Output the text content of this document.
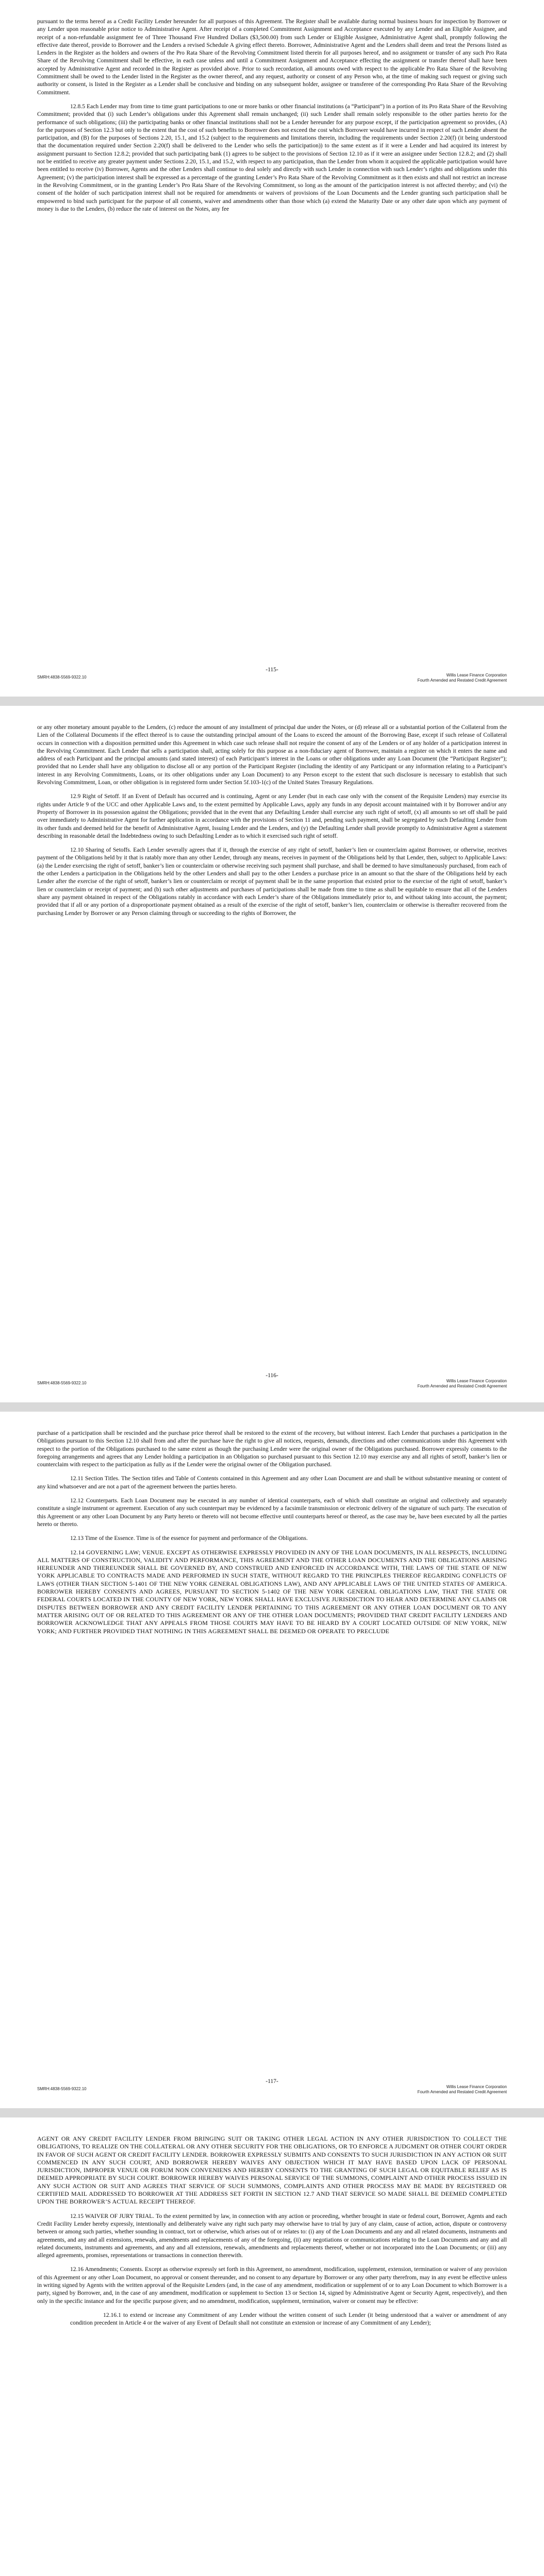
pursuant to the terms hereof as a Credit Facility Lender hereunder for all purposes of this Agreement. The Register shall be available during normal business hours for inspection by Borrower or any Lender upon reasonable prior notice to Administrative Agent. After receipt of a completed Commitment Assignment and Acceptance executed by any Lender and an Eligible Assignee, and receipt of a non-refundable assignment fee of Three Thousand Five Hundred Dollars ($3,500.00) from such Lender or Eligible Assignee, Administrative Agent shall, promptly following the effective date thereof, provide to Borrower and the Lenders a revised Schedule A giving effect thereto. Borrower, Administrative Agent and the Lenders shall deem and treat the Persons listed as Lenders in the Register as the holders and owners of the Pro Rata Share of the Revolving Commitment listed therein for all purposes hereof, and no assignment or transfer of any such Pro Rata Share of the Revolving Commitment shall be effective, in each case unless and until a Commitment Assignment and Acceptance effecting the assignment or transfer thereof shall have been accepted by Administrative Agent and recorded in the Register as provided above. Prior to such recordation, all amounts owed with respect to the applicable Pro Rata Share of the Revolving Commitment shall be owed to the Lender listed in the Register as the owner thereof, and any request, authority or consent of any Person who, at the time of making such request or giving such authority or consent, is listed in the Register as a Lender shall be conclusive and binding on any subsequent holder, assignee or transferee of the corresponding Pro Rata Share of the Revolving Commitment.

12.8.5 Each Lender may from time to time grant participations to one or more banks or other financial institutions (a “Participant”) in a portion of its Pro Rata Share of the Revolving Commitment; provided that (i) such Lender’s obligations under this Agreement shall remain unchanged; (ii) such Lender shall remain solely responsible to the other parties hereto for the performance of such obligations; (iii) the participating banks or other financial institutions shall not be a Lender hereunder for any purpose except, if the participation agreement so provides, (A) for the purposes of Section 12.3 but only to the extent that the cost of such benefits to Borrower does not exceed the cost which Borrower would have incurred in respect of such Lender absent the participation, and (B) for the purposes of Sections 2.20, 15.1, and 15.2 (subject to the requirements and limitations therein, including the requirements under Section 2.20(f) (it being understood that the documentation required under Section 2.20(f) shall be delivered to the Lender who sells the participation)) to the same extent as if it were a Lender and had acquired its interest by assignment pursuant to Section 12.8.2; provided that such participating bank (1) agrees to be subject to the provisions of Section 12.10 as if it were an assignee under Section 12.8.2; and (2) shall not be entitled to receive any greater payment under Sections 2.20, 15.1, and 15.2, with respect to any participation, than the Lender from whom it acquired the applicable participation would have been entitled to receive (iv) Borrower, Agents and the other Lenders shall continue to deal solely and directly with such Lender in connection with such Lender’s rights and obligations under this Agreement; (v) the participation interest shall be expressed as a percentage of the granting Lender’s Pro Rata Share of the Revolving Commitment as it then exists and shall not restrict an increase in the Revolving Commitment, or in the granting Lender’s Pro Rata Share of the Revolving Commitment, so long as the amount of the participation interest is not affected thereby; and (vi) the consent of the holder of such participation interest shall not be required for amendments or waivers of provisions of the Loan Documents and the Lender granting such participation shall be empowered to bind such participant for the purpose of all consents, waiver and amendments other than those which (a) extend the Maturity Date or any other date upon which any payment of money is due to the Lenders, (b) reduce the rate of interest on the Notes, any fee

-115-
SMRH:4838-5569-9322.10	Willis Lease Finance Corporation
Fourth Amended and Restated Credit Agreement

or any other monetary amount payable to the Lenders, (c) reduce the amount of any installment of principal due under the Notes, or (d) release all or a substantial portion of the Collateral from the Lien of the Collateral Documents if the effect thereof is to cause the outstanding principal amount of the Loans to exceed the amount of the Borrowing Base, except if such release of Collateral occurs in connection with a disposition permitted under this Agreement in which case such release shall not require the consent of any of the Lenders or of any holder of a participation interest in the Revolving Commitment. Each Lender that sells a participation shall, acting solely for this purpose as a non-fiduciary agent of Borrower, maintain a register on which it enters the name and address of each Participant and the principal amounts (and stated interest) of each Participant’s interest in the Loans or other obligations under any Loan Document (the “Participant Register”); provided that no Lender shall have any obligation to disclose all or any portion of the Participant Register (including the identity of any Participant or any information relating to a Participant’s interest in any Revolving Commitments, Loans, or its other obligations under any Loan Document) to any Person except to the extent that such disclosure is necessary to establish that such Revolving Commitment, Loan, or other obligation is in registered form under Section 5f.103-1(c) of the United States Treasury Regulations.

12.9 Right of Setoff. If an Event of Default has occurred and is continuing, Agent or any Lender (but in each case only with the consent of the Requisite Lenders) may exercise its rights under Article 9 of the UCC and other Applicable Laws and, to the extent permitted by Applicable Laws, apply any funds in any deposit account maintained with it by Borrower and/or any Property of Borrower in its possession against the Obligations; provided that in the event that any Defaulting Lender shall exercise any such right of setoff, (x) all amounts so set off shall be paid over immediately to Administrative Agent for further application in accordance with the provisions of Section 11 and, pending such payment, shall be segregated by such Defaulting Lender from its other funds and deemed held for the benefit of Administrative Agent, Issuing Lender and the Lenders, and (y) the Defaulting Lender shall provide promptly to Administrative Agent a statement describing in reasonable detail the Indebtedness owing to such Defaulting Lender as to which it exercised such right of setoff.

12.10 Sharing of Setoffs. Each Lender severally agrees that if it, through the exercise of any right of setoff, banker’s lien or counterclaim against Borrower, or otherwise, receives payment of the Obligations held by it that is ratably more than any other Lender, through any means, receives in payment of the Obligations held by that Lender, then, subject to Applicable Laws: (a) the Lender exercising the right of setoff, banker’s lien or counterclaim or otherwise receiving such payment shall purchase, and shall be deemed to have simultaneously purchased, from each of the other Lenders a participation in the Obligations held by the other Lenders and shall pay to the other Lenders a purchase price in an amount so that the share of the Obligations held by each Lender after the exercise of the right of setoff, banker’s lien or counterclaim or receipt of payment shall be in the same proportion that existed prior to the exercise of the right of setoff, banker’s lien or counterclaim or receipt of payment; and (b) such other adjustments and purchases of participations shall be made from time to time as shall be equitable to ensure that all of the Lenders share any payment obtained in respect of the Obligations ratably in accordance with each Lender’s share of the Obligations immediately prior to, and without taking into account, the payment; provided that if all or any portion of a disproportionate payment obtained as a result of the exercise of the right of setoff, banker’s lien, counterclaim or otherwise is thereafter recovered from the purchasing Lender by Borrower or any Person claiming through or succeeding to the rights of Borrower, the

-116-
SMRH:4838-5569-9322.10	Willis Lease Finance Corporation
Fourth Amended and Restated Credit Agreement

purchase of a participation shall be rescinded and the purchase price thereof shall be restored to the extent of the recovery, but without interest. Each Lender that purchases a participation in the Obligations pursuant to this Section 12.10 shall from and after the purchase have the right to give all notices, requests, demands, directions and other communications under this Agreement with respect to the portion of the Obligations purchased to the same extent as though the purchasing Lender were the original owner of the Obligations purchased. Borrower expressly consents to the foregoing arrangements and agrees that any Lender holding a participation in an Obligation so purchased pursuant to this Section 12.10 may exercise any and all rights of setoff, banker’s lien or counterclaim with respect to the participation as fully as if the Lender were the original owner of the Obligation purchased.

12.11 Section Titles. The Section titles and Table of Contents contained in this Agreement and any other Loan Document are and shall be without substantive meaning or content of any kind whatsoever and are not a part of the agreement between the parties hereto.

12.12 Counterparts. Each Loan Document may be executed in any number of identical counterparts, each of which shall constitute an original and collectively and separately constitute a single instrument or agreement. Execution of any such counterpart may be evidenced by a facsimile transmission or electronic delivery of the signature of such party. The execution of this Agreement or any other Loan Document by any Party hereto or thereto will not become effective until counterparts hereof or thereof, as the case may be, have been executed by all the parties hereto or thereto.

12.13 Time of the Essence. Time is of the essence for payment and performance of the Obligations.

12.14 GOVERNING LAW; VENUE. EXCEPT AS OTHERWISE EXPRESSLY PROVIDED IN ANY OF THE LOAN DOCUMENTS, IN ALL RESPECTS, INCLUDING ALL MATTERS OF CONSTRUCTION, VALIDITY AND PERFORMANCE, THIS AGREEMENT AND THE OTHER LOAN DOCUMENTS AND THE OBLIGATIONS ARISING HEREUNDER AND THEREUNDER SHALL BE GOVERNED BY, AND CONSTRUED AND ENFORCED IN ACCORDANCE WITH, THE LAWS OF THE STATE OF NEW YORK APPLICABLE TO CONTRACTS MADE AND PERFORMED IN SUCH STATE, WITHOUT REGARD TO THE PRINCIPLES THEREOF REGARDING CONFLICTS OF LAWS (OTHER THAN SECTION 5-1401 OF THE NEW YORK GENERAL OBLIGATIONS LAW), AND ANY APPLICABLE LAWS OF THE UNITED STATES OF AMERICA. BORROWER HEREBY CONSENTS AND AGREES, PURSUANT TO SECTION 5-1402 OF THE NEW YORK GENERAL OBLIGATIONS LAW, THAT THE STATE OR FEDERAL COURTS LOCATED IN THE COUNTY OF NEW YORK, NEW YORK SHALL HAVE EXCLUSIVE JURISDICTION TO HEAR AND DETERMINE ANY CLAIMS OR DISPUTES BETWEEN BORROWER AND ANY CREDIT FACILITY LENDER PERTAINING TO THIS AGREEMENT OR ANY OTHER LOAN DOCUMENT OR TO ANY MATTER ARISING OUT OF OR RELATED TO THIS AGREEMENT OR ANY OF THE OTHER LOAN DOCUMENTS; PROVIDED THAT CREDIT FACILITY LENDERS AND BORROWER ACKNOWLEDGE THAT ANY APPEALS FROM THOSE COURTS MAY HAVE TO BE HEARD BY A COURT LOCATED OUTSIDE OF NEW YORK, NEW YORK; AND FURTHER PROVIDED THAT NOTHING IN THIS AGREEMENT SHALL BE DEEMED OR OPERATE TO PRECLUDE

-117-
SMRH:4838-5569-9322.10	Willis Lease Finance Corporation
Fourth Amended and Restated Credit Agreement

AGENT OR ANY CREDIT FACILITY LENDER FROM BRINGING SUIT OR TAKING OTHER LEGAL ACTION IN ANY OTHER JURISDICTION TO COLLECT THE OBLIGATIONS, TO REALIZE ON THE COLLATERAL OR ANY OTHER SECURITY FOR THE OBLIGATIONS, OR TO ENFORCE A JUDGMENT OR OTHER COURT ORDER IN FAVOR OF SUCH AGENT OR CREDIT FACILITY LENDER. BORROWER EXPRESSLY SUBMITS AND CONSENTS TO SUCH JURISDICTION IN ANY ACTION OR SUIT COMMENCED IN ANY SUCH COURT, AND BORROWER HEREBY WAIVES ANY OBJECTION WHICH IT MAY HAVE BASED UPON LACK OF PERSONAL JURISDICTION, IMPROPER VENUE OR FORUM NON CONVENIENS AND HEREBY CONSENTS TO THE GRANTING OF SUCH LEGAL OR EQUITABLE RELIEF AS IS DEEMED APPROPRIATE BY SUCH COURT. BORROWER HEREBY WAIVES PERSONAL SERVICE OF THE SUMMONS, COMPLAINT AND OTHER PROCESS ISSUED IN ANY SUCH ACTION OR SUIT AND AGREES THAT SERVICE OF SUCH SUMMONS, COMPLAINTS AND OTHER PROCESS MAY BE MADE BY REGISTERED OR CERTIFIED MAIL ADDRESSED TO BORROWER AT THE ADDRESS SET FORTH IN SECTION 12.7 AND THAT SERVICE SO MADE SHALL BE DEEMED COMPLETED UPON THE BORROWER’S ACTUAL RECEIPT THEREOF.

12.15 WAIVER OF JURY TRIAL. To the extent permitted by law, in connection with any action or proceeding, whether brought in state or federal court, Borrower, Agents and each Credit Facility Lender hereby expressly, intentionally and deliberately waive any right such party may otherwise have to trial by jury of any claim, cause of action, action, dispute or controversy between or among such parties, whether sounding in contract, tort or otherwise, which arises out of or relates to: (i) any of the Loan Documents and any and all related documents, instruments and agreements, and any and all extensions, renewals, amendments and replacements of any of the foregoing, (ii) any negotiations or communications relating to the Loan Documents and any and all related documents, instruments and agreements, and any and all extensions, renewals, amendments and replacements thereof, whether or not incorporated into the Loan Documents; or (iii) any alleged agreements, promises, representations or transactions in connection therewith.

12.16 Amendments; Consents. Except as otherwise expressly set forth in this Agreement, no amendment, modification, supplement, extension, termination or waiver of any provision of this Agreement or any other Loan Document, no approval or consent thereunder, and no consent to any departure by Borrower or any other party therefrom, may in any event be effective unless in writing signed by Agents with the written approval of the Requisite Lenders (and, in the case of any amendment, modification or supplement of or to any Loan Document to which Borrower is a party, signed by Borrower, and, in the case of any amendment, modification or supplement to Section 13 or Section 14, signed by Administrative Agent or Security Agent, respectively), and then only in the specific instance and for the specific purpose given; and no amendment, modification, supplement, termination, waiver or consent may be effective:

12.16.1 to extend or increase any Commitment of any Lender without the written consent of such Lender (it being understood that a waiver or amendment of any condition precedent in Article 4 or the waiver of any Event of Default shall not constitute an extension or increase of any Commitment of any Lender);
